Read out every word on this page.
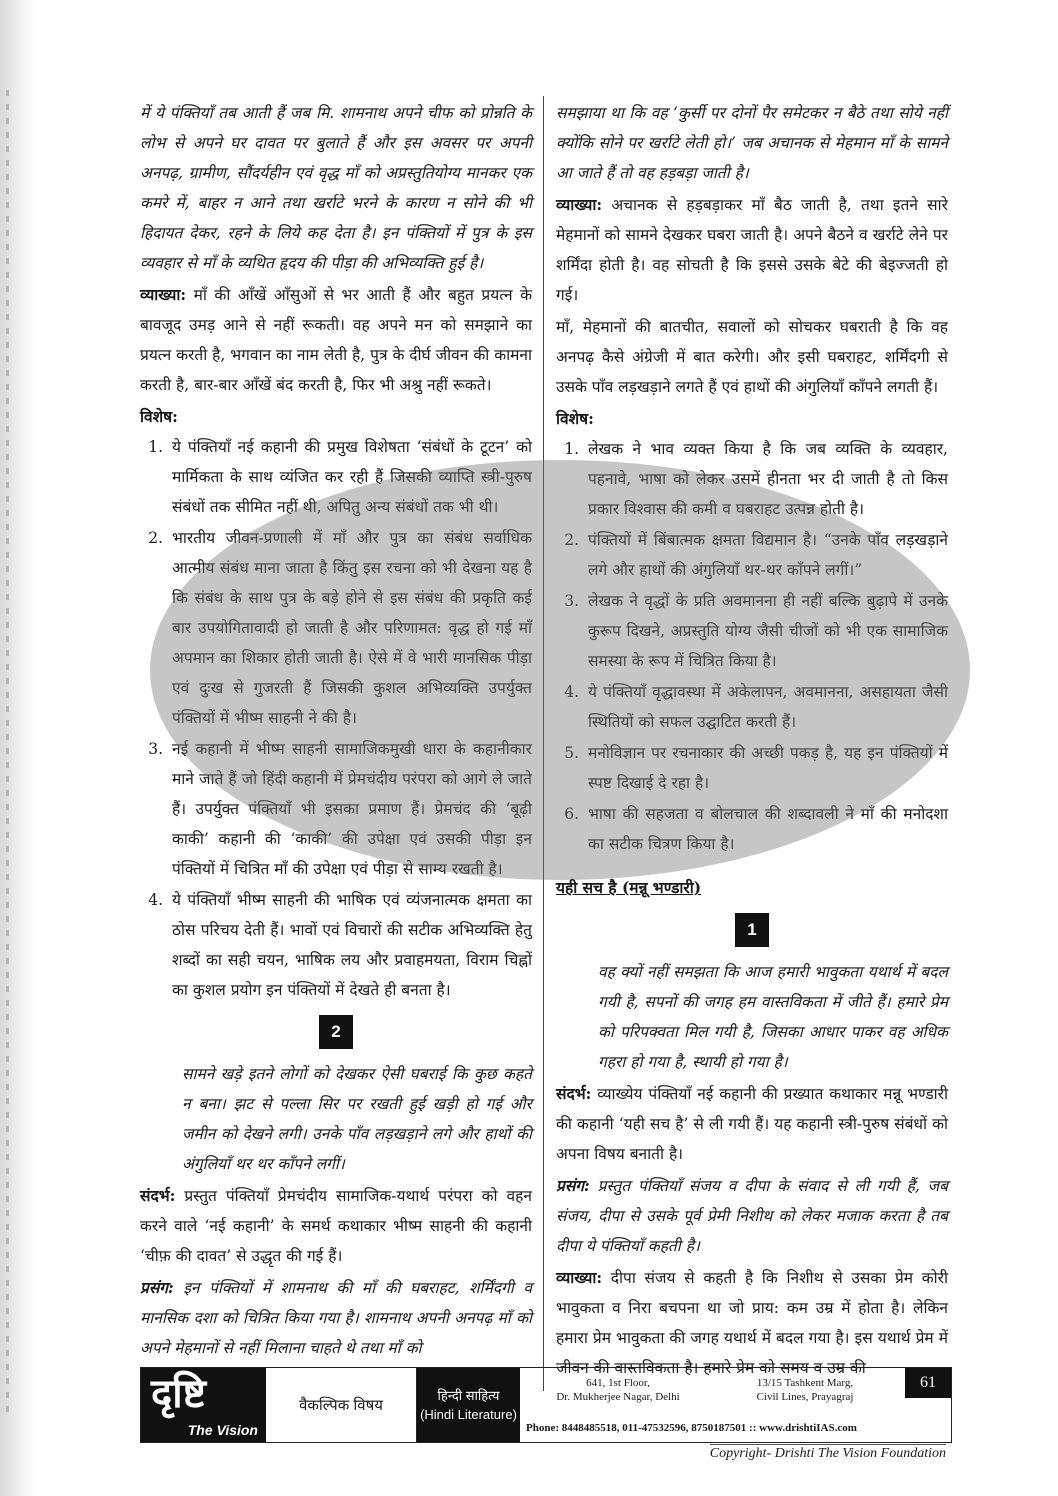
में ये पंक्तियाँ तब आती हैं जब मि. शामनाथ अपने चीफ को प्रोन्नति के लोभ से अपने घर दावत पर बुलाते हैं और इस अवसर पर अपनी अनपढ़, ग्रामीण, सौंदर्यहीन एवं वृद्ध माँ को अप्रस्तुतियोग्य मानकर एक कमरे में, बाहर न आने तथा खर्राटे भरने के कारण न सोने की भी हिदायत देकर, रहने के लिये कह देता है। इन पंक्तियों में पुत्र के इस व्यवहार से माँ के व्यथित हृदय की पीड़ा की अभिव्यक्ति हुई है।

व्याख्या: माँ की आँखें आँसुओं से भर आती हैं और बहुत प्रयत्न के बावजूद उमड़ आने से नहीं रूकती। वह अपने मन को समझाने का प्रयत्न करती है, भगवान का नाम लेती है, पुत्र के दीर्घ जीवन की कामना करती है, बार-बार आँखें बंद करती है, फिर भी अश्रु नहीं रूकते।

विशेष:

1. ये पंक्तियाँ नई कहानी की प्रमुख विशेषता ‘संबंधों के टूटन’ को मार्मिकता के साथ व्यंजित कर रही हैं जिसकी व्याप्ति स्त्री-पुरुष संबंधों तक सीमित नहीं थी, अपितु अन्य संबंधों तक भी थी।
2. भारतीय जीवन-प्रणाली में माँ और पुत्र का संबंध सर्वाधिक आत्मीय संबंध माना जाता है किंतु इस रचना को भी देखना यह है कि संबंध के साथ पुत्र के बड़े होने से इस संबंध की प्रकृति कई बार उपयोगितावादी हो जाती है और परिणामत: वृद्ध हो गई माँ अपमान का शिकार होती जाती है। ऐसे में वे भारी मानसिक पीड़ा एवं दुःख से गुजरती हैं जिसकी कुशल अभिव्यक्ति उपर्युक्त पंक्तियों में भीष्म साहनी ने की है।
3. नई कहानी में भीष्म साहनी सामाजिकमुखी धारा के कहानीकार माने जाते हैं जो हिंदी कहानी में प्रेमचंदीय परंपरा को आगे ले जाते हैं। उपर्युक्त पंक्तियाँ भी इसका प्रमाण हैं। प्रेमचंद की ‘बूढ़ी काकी’ कहानी की ‘काकी’ की उपेक्षा एवं उसकी पीड़ा इन पंक्तियों में चित्रित माँ की उपेक्षा एवं पीड़ा से साम्य रखती है।
4. ये पंक्तियाँ भीष्म साहनी की भाषिक एवं व्यंजनात्मक क्षमता का ठोस परिचय देती हैं। भावों एवं विचारों की सटीक अभिव्यक्ति हेतु शब्दों का सही चयन, भाषिक लय और प्रवाहमयता, विराम चिह्नों का कुशल प्रयोग इन पंक्तियों में देखते ही बनता है।
2

सामने खड़े इतने लोगों को देखकर ऐसी घबराई कि कुछ कहते न बना। झट से पल्ला सिर पर रखती हुई खड़ी हो गई और जमीन को देखने लगी। उनके पाँव लड़खड़ाने लगे और हाथों की अंगुलियाँ थर थर काँपने लगीं।

संदर्भ: प्रस्तुत पंक्तियाँ प्रेमचंदीय सामाजिक-यथार्थ परंपरा को वहन करने वाले ‘नई कहानी’ के समर्थ कथाकार भीष्म साहनी की कहानी ‘चीफ़ की दावत’ से उद्धृत की गई हैं।

प्रसंग: इन पंक्तियों में शामनाथ की माँ की घबराहट, शर्मिंदगी व मानसिक दशा को चित्रित किया गया है। शामनाथ अपनी अनपढ़ माँ को अपने मेहमानों से नहीं मिलाना चाहते थे तथा माँ को

समझाया था कि वह ‘कुर्सी पर दोनों पैर समेटकर न बैठे तथा सोये नहीं क्योंकि सोने पर खर्राटे लेती हो।’ जब अचानक से मेहमान माँ के सामने आ जाते हैं तो वह हड़बड़ा जाती है।

व्याख्या: अचानक से हड़बड़ाकर माँ बैठ जाती है, तथा इतने सारे मेहमानों को सामने देखकर घबरा जाती है। अपने बैठने व खर्राटे लेने पर शर्मिंदा होती है। वह सोचती है कि इससे उसके बेटे की बेइज्जती हो गई।

माँ, मेहमानों की बातचीत, सवालों को सोचकर घबराती है कि वह अनपढ़ कैसे अंग्रेजी में बात करेगी। और इसी घबराहट, शर्मिंदगी से उसके पाँव लड़खड़ाने लगते हैं एवं हाथों की अंगुलियाँ काँपने लगती हैं।

विशेष:

1. लेखक ने भाव व्यक्त किया है कि जब व्यक्ति के व्यवहार, पहनावे, भाषा को लेकर उसमें हीनता भर दी जाती है तो किस प्रकार विश्वास की कमी व घबराहट उत्पन्न होती है।
2. पंक्तियों में बिंबात्मक क्षमता विद्यमान है। “उनके पाँव लड़खड़ाने लगे और हाथों की अंगुलियाँ थर-थर काँपने लगीं।”
3. लेखक ने वृद्धों के प्रति अवमानना ही नहीं बल्कि बुढ़ापे में उनके कुरूप दिखने, अप्रस्तुति योग्य जैसी चीजों को भी एक सामाजिक समस्या के रूप में चित्रित किया है।
4. ये पंक्तियाँ वृद्धावस्था में अकेलापन, अवमानना, असहायता जैसी स्थितियों को सफल उद्घाटित करती हैं।
5. मनोविज्ञान पर रचनाकार की अच्छी पकड़ है, यह इन पंक्तियों में स्पष्ट दिखाई दे रहा है।
6. भाषा की सहजता व बोलचाल की शब्दावली ने माँ की मनोदशा का सटीक चित्रण किया है।

यही सच है (मन्नू भण्डारी)

1

वह क्यों नहीं समझता कि आज हमारी भावुकता यथार्थ में बदल गयी है, सपनों की जगह हम वास्तविकता में जीते हैं। हमारे प्रेम को परिपक्वता मिल गयी है, जिसका आधार पाकर वह अधिक गहरा हो गया है, स्थायी हो गया है।

संदर्भ: व्याख्येय पंक्तियाँ नई कहानी की प्रख्यात कथाकार मन्नू भण्डारी की कहानी ‘यही सच है’ से ली गयी हैं। यह कहानी स्त्री-पुरुष संबंधों को अपना विषय बनाती है।

प्रसंग: प्रस्तुत पंक्तियाँ संजय व दीपा के संवाद से ली गयी हैं, जब संजय, दीपा से उसके पूर्व प्रेमी निशीथ को लेकर मजाक करता है तब दीपा ये पंक्तियाँ कहती है।

व्याख्या: दीपा संजय से कहती है कि निशीथ से उसका प्रेम कोरी भावुकता व निरा बचपना था जो प्राय: कम उम्र में होता है। लेकिन हमारा प्रेम भावुकता की जगह यथार्थ में बदल गया है। इस यथार्थ प्रेम में जीवन की वास्तविकता है। हमारे प्रेम को समय व उम्र की

दृष्टि
The Vision
वैकल्पिक विषय
हिन्दी साहित्य
(Hindi Literature)
641, 1st Floor,
Dr. Mukherjee Nagar, Delhi
13/15 Tashkent Marg,
Civil Lines, Prayagraj
Phone: 8448485518, 011-47532596, 8750187501 :: www.drishtiIAS.com
61
Copyright- Drishti The Vision Foundation
